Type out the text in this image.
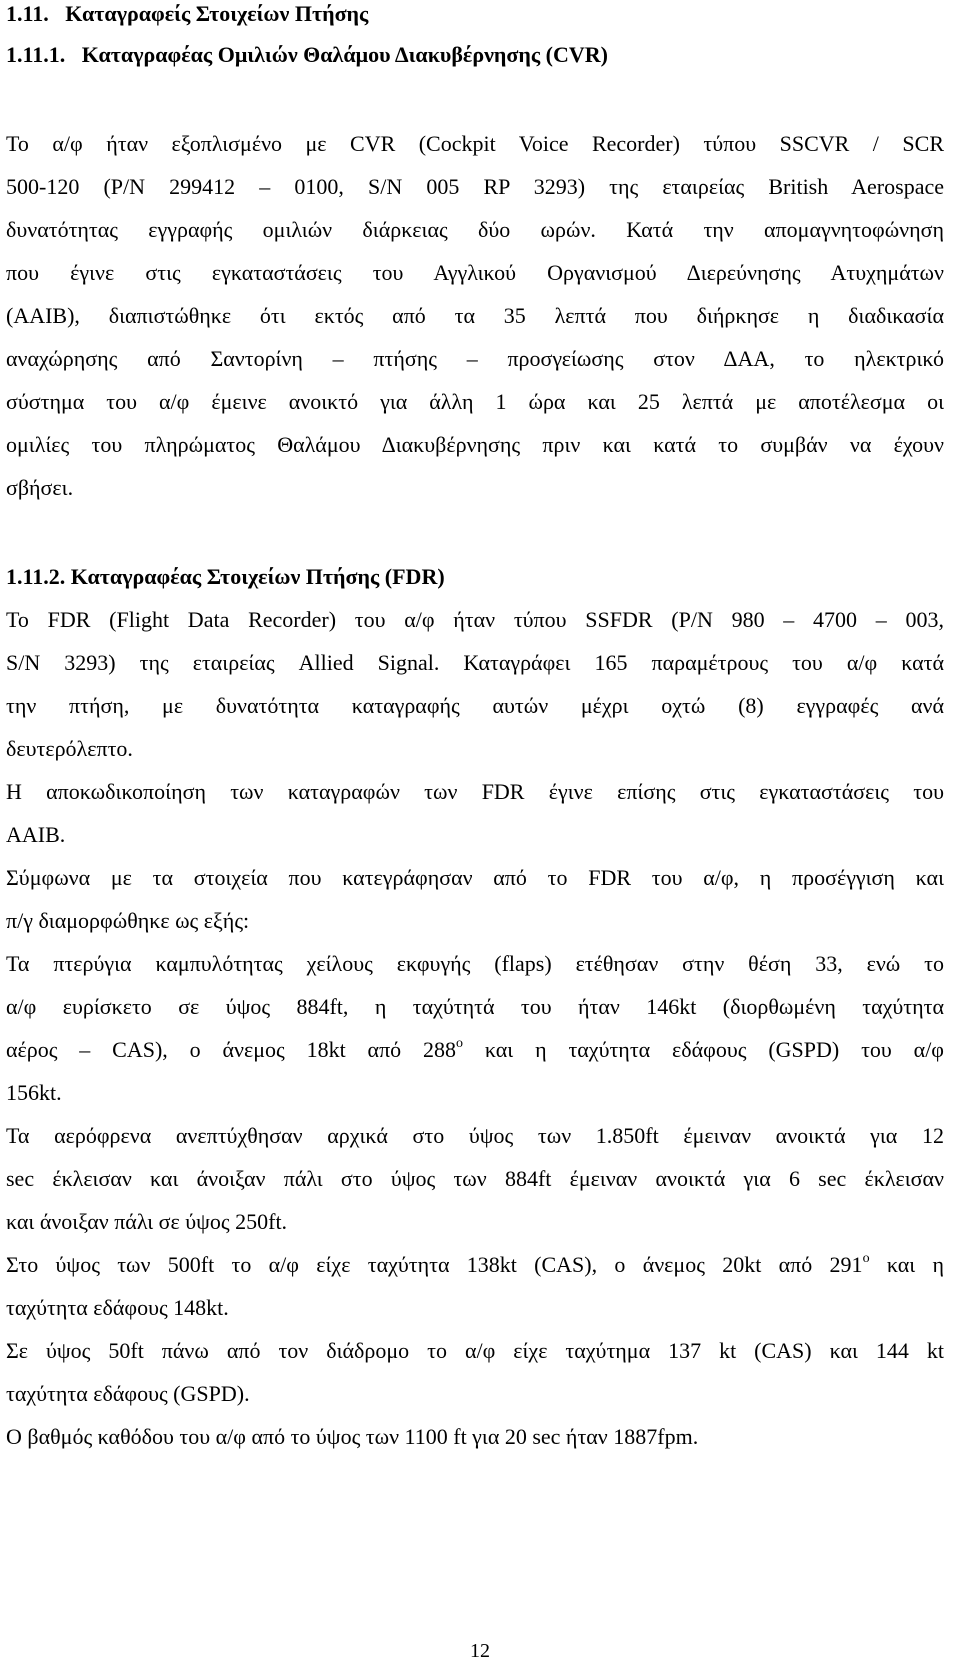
1.11. Καταγραφείς Στοιχείων Πτήσης
1.11.1. Καταγραφέας Ομιλιών Θαλάμου Διακυβέρνησης (CVR)
Το α/φ ήταν εξοπλισμένο με CVR (Cockpit Voice Recorder) τύπου SSCVR / SCR
500-120 (P/N 299412 – 0100, S/N 005 RP 3293) της εταιρείας British Aerospace
δυνατότητας εγγραφής ομιλιών διάρκειας δύο ωρών. Κατά την απομαγνητοφώνηση
που έγινε στις εγκαταστάσεις του Αγγλικού Οργανισμού Διερεύνησης Ατυχημάτων
(AAIB), διαπιστώθηκε ότι εκτός από τα 35 λεπτά που διήρκησε η διαδικασία
αναχώρησης από Σαντορίνη – πτήσης – προσγείωσης στον ΔΑΑ, το ηλεκτρικό
σύστημα του α/φ έμεινε ανοικτό για άλλη 1 ώρα και 25 λεπτά με αποτέλεσμα οι
ομιλίες του πληρώματος Θαλάμου Διακυβέρνησης πριν και κατά το συμβάν να έχουν
σβήσει.
1.11.2. Καταγραφέας Στοιχείων Πτήσης (FDR)
Το FDR (Flight Data Recorder) του α/φ ήταν τύπου SSFDR (P/N 980 – 4700 – 003,
S/N 3293) της εταιρείας Allied Signal. Καταγράφει 165 παραμέτρους του α/φ κατά
την πτήση, με δυνατότητα καταγραφής αυτών μέχρι οχτώ (8) εγγραφές ανά
δευτερόλεπτο.
Η αποκωδικοποίηση των καταγραφών των FDR έγινε επίσης στις εγκαταστάσεις του
AAIB.
Σύμφωνα με τα στοιχεία που κατεγράφησαν από το FDR του α/φ, η προσέγγιση και
π/γ διαμορφώθηκε ως εξής:
Τα πτερύγια καμπυλότητας χείλους εκφυγής (flaps) ετέθησαν στην θέση 33, ενώ το
α/φ ευρίσκετο σε ύψος 884ft, η ταχύτητά του ήταν 146kt (διορθωμένη ταχύτητα
αέρος – CAS), ο άνεμος 18kt από $288^o$ και η ταχύτητα εδάφους (GSPD) του α/φ
156kt.
Τα αερόφρενα ανεπτύχθησαν αρχικά στο ύψος των 1.850ft έμειναν ανοικτά για 12
sec έκλεισαν και άνοιξαν πάλι στο ύψος των 884ft έμειναν ανοικτά για 6 sec έκλεισαν
και άνοιξαν πάλι σε ύψος 250ft.
Στο ύψος των 500ft το α/φ είχε ταχύτητα 138kt (CAS), ο άνεμος 20kt από $291^o$ και η
ταχύτητα εδάφους 148kt.
Σε ύψος 50ft πάνω από τον διάδρομο το α/φ είχε ταχύτημα 137 kt (CAS) και 144 kt
ταχύτητα εδάφους (GSPD).
Ο βαθμός καθόδου του α/φ από το ύψος των 1100 ft για 20 sec ήταν 1887fpm.
12
